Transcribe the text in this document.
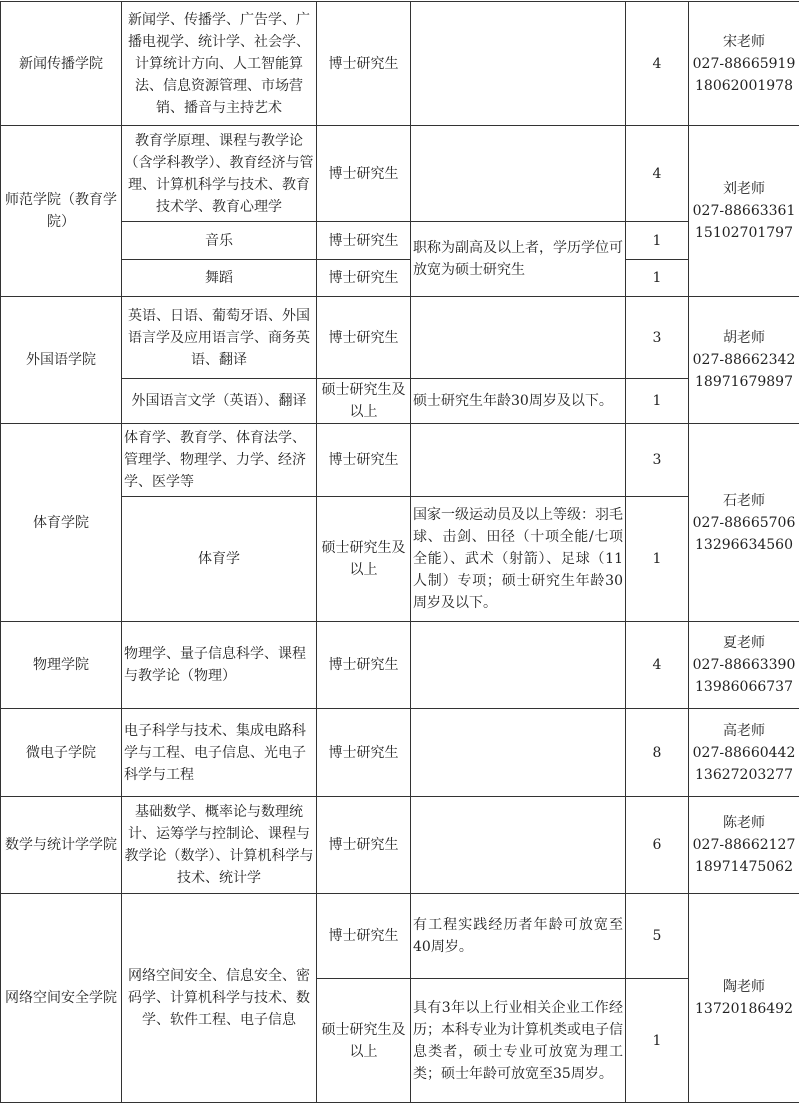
新闻传播学院	新闻学、传播学、广告学、广播电视学、统计学、社会学、计算统计方向、人工智能算法、信息资源管理、市场营销、播音与主持艺术	博士研究生		4	宋老师
027-88665919
18062001978

师范学院（教育学院）	教育学原理、课程与教学论（含学科教学）、教育经济与管理、计算机科学与技术、教育技术学、教育心理学	博士研究生		4	刘老师
027-88663361
15102701797

	音乐	博士研究生	职称为副高及以上者，学历学位可放宽为硕士研究生	1	
	舞蹈	博士研究生		1	
外国语学院	英语、日语、葡萄牙语、外国语言学及应用语言学、商务英语、翻译	博士研究生		3	胡老师
027-88662342
18971679897

	外国语言文学（英语）、翻译	硕士研究生及以上	硕士研究生年龄30周岁及以下。	1	
体育学院	体育学、教育学、体育法学、管理学、物理学、力学、经济学、医学等	博士研究生		3	石老师
027-88665706
13296634560

	体育学	硕士研究生及以上	国家一级运动员及以上等级：羽毛球、击剑、田径（十项全能/七项全能）、武术（射箭）、足球（11人制）专项；硕士研究生年龄30周岁及以下。	1	
物理学院	物理学、量子信息科学、课程与教学论（物理）	博士研究生		4	夏老师
027-88663390
13986066737

微电子学院	电子科学与技术、集成电路科学与工程、电子信息、光电子科学与工程	博士研究生		8	高老师
027-88660442
13627203277

数学与统计学学院	基础数学、概率论与数理统计、运筹学与控制论、课程与教学论（数学）、计算机科学与技术、统计学	博士研究生		6	陈老师
027-88662127
18971475062

网络空间安全学院	网络空间安全、信息安全、密码学、计算机科学与技术、数学、软件工程、电子信息	博士研究生	有工程实践经历者年龄可放宽至40周岁。	5	陶老师
13720186492

		硕士研究生及以上	具有3年以上行业相关企业工作经历；本科专业为计算机类或电子信息类者，硕士专业可放宽为理工类；硕士年龄可放宽至35周岁。	1	
